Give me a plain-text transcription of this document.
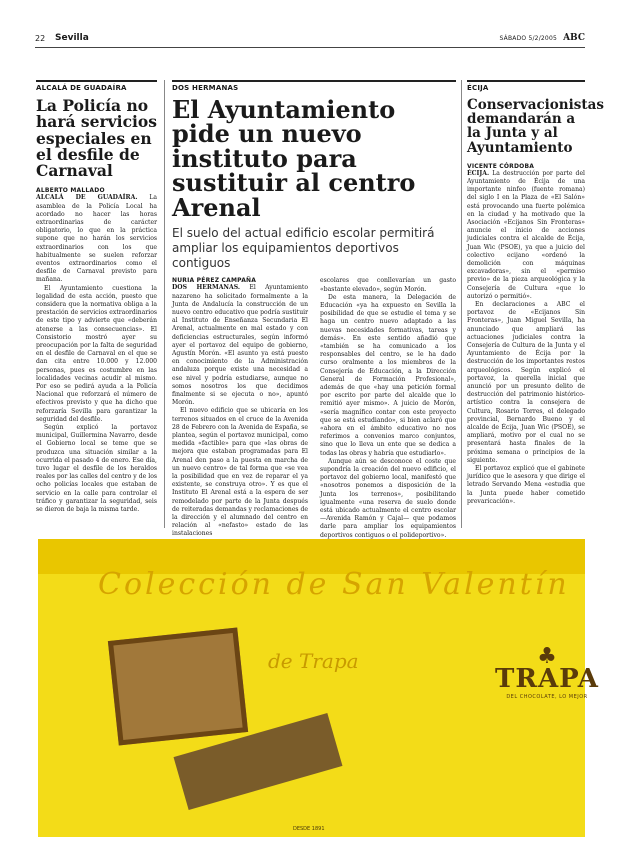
22 Sevilla	SÁBADO 5/2/2005 ABC
ALCALÁ DE GUADAÍRA
La Policía no hará servicios especiales en el desfile de Carnaval
ALBERTO MALLADO

ALCALÁ DE GUADAÍRA. La asamblea de la Policía Local ha acordado no hacer las horas extraordinarias de carácter obligatorio, lo que en la práctica supone que no harán los servicios extraordinarios con los que habitualmente se suelen reforzar eventos extraordinarios como el desfile de Carnaval previsto para mañana.

El Ayuntamiento cuestiona la legalidad de esta acción, puesto que considera que la normativa obliga a la prestación de servicios extraordinarios de este tipo y advierte que «deberán atenerse a las consecuencias». El Consistorio mostró ayer su preocupación por la falta de seguridad en el desfile de Carnaval en el que se dan cita entre 10.000 y 12.000 personas, pues es costumbre en las localidades vecinas acudir al mismo. Por eso se pedirá ayuda a la Policía Nacional que reforzará el número de efectivos previsto y que ha dicho que reforzaría Sevilla para garantizar la seguridad del desfile.

Según explicó la portavoz municipal, Guillermina Navarro, desde el Gobierno local se teme que se produzca una situación similar a la ocurrida el pasado 4 de enero. Ese día, tuvo lugar el desfile de los heraldos reales por las calles del centro y de los ocho policías locales que estaban de servicio en la calle para controlar el tráfico y garantizar la seguridad, seis se dieron de baja la misma tarde.

DOS HERMANAS
El Ayuntamiento pide un nuevo instituto para sustituir al centro Arenal
El suelo del actual edificio escolar permitirá ampliar los equipamientos deportivos contiguos
NURIA PÉREZ CAMPAÑA

DOS HERMANAS. El Ayuntamiento nazareno ha solicitado formalmente a la Junta de Andalucía la construcción de un nuevo centro educativo que podría sustituir al Instituto de Enseñanza Secundaria El Arenal, actualmente en mal estado y con deficiencias estructurales, según informó ayer el portavoz del equipo de gobierno, Agustín Morón. «El asunto ya está puesto en conocimiento de la Administración andaluza porque existe una necesidad a ese nivel y podría estudiarse, aunque no somos nosotros los que decidimos finalmente si se ejecuta o no», apuntó Morón.

El nuevo edificio que se ubicaría en los terrenos situados en el cruce de la Avenida 28 de Febrero con la Avenida de España, se plantea, según el portavoz municipal, como medida «factible» para que «las obras de mejora que estaban programadas para El Arenal den paso a la puesta en marcha de un nuevo centro» de tal forma que «se vea la posibilidad que en vez de reparar el ya existente, se construya otro». Y es que el Instituto El Arenal está a la espera de ser remodelado por parte de la Junta después de reiteradas demandas y reclamaciones de la dirección y el alumnado del centro en relación al «nefasto» estado de las instalaciones

escolares que conllevarían un gasto «bastante elevado», según Morón.

De esta manera, la Delegación de Educación «ya ha expuesto en Sevilla la posibilidad de que se estudie el tema y se haga un centro nuevo adaptado a las nuevas necesidades formativas, tareas y demás». En este sentido añadió que «también se ha comunicado a los responsables del centro, se le ha dado curso oralmente a los miembros de la Consejería de Educación, a la Dirección General de Formación Profesional», además de que «hay una petición formal por escrito por parte del alcalde que lo remitió ayer mismo». A juicio de Morón, «sería magnífico contar con este proyecto que se está estudiando», si bien aclaró que «ahora en el ámbito educativo no nos referimos a convenios marco conjuntos, sino que lo lleva un ente que se dedica a todas las obras y habría que estudiarlo».

Aunque aún se desconoce el coste que supondría la creación del nuevo edificio, el portavoz del gobierno local, manifestó que «nosotros ponemos a disposición de la Junta los terrenos», posibilitando igualmente «una reserva de suelo donde está ubicado actualmente el centro escolar —Avenida Ramón y Cajal— que podamos darle para ampliar los equipamientos deportivos contiguos o el polideportivo».

ÉCIJA
Conservacionistas demandarán a la Junta y al Ayuntamiento
VICENTE CÓRDOBA

ÉCIJA. La destrucción por parte del Ayuntamiento de Écija de una importante ninfeo (fuente romana) del siglo I en la Plaza de «El Salón» está provocando una fuerte polémica en la ciudad y ha motivado que la Asociación «Ecijanos Sin Fronteras» anuncie el inicio de acciones judiciales contra el alcalde de Écija, Juan Wic (PSOE), ya que a juicio del colectivo ecijano «ordenó la demolición con máquinas excavadoras», sin el «permiso previo» de la pieza arqueológica y la Consejería de Cultura «que lo autorizó o permitió».

En declaraciones a ABC el portavoz de «Ecijanos Sin Fronteras», Juan Miguel Sevilla, ha anunciado que ampliará las actuaciones judiciales contra la Consejería de Cultura de la Junta y el Ayuntamiento de Écija por la destrucción de los importantes restos arqueológicos. Según explicó el portavoz, la querella inicial que anunció por un presunto delito de destrucción del patrimonio histórico-artístico contra la consejera de Cultura, Rosario Torres, el delegado provincial, Bernardo Bueno y el alcalde de Écija, Juan Wic (PSOE), se ampliará, motivo por el cual no se presentará hasta finales de la próxima semana o principios de la siguiente.

El portavoz explicó que el gabinete jurídico que le asesora y que dirige el letrado Servando Mena «estudia que la Junta puede haber cometido prevaricación».

Colección de San Valentín
de Trapa	♣
TRAPA
DEL CHOCOLATE, LO MEJOR
DESDE 1891
